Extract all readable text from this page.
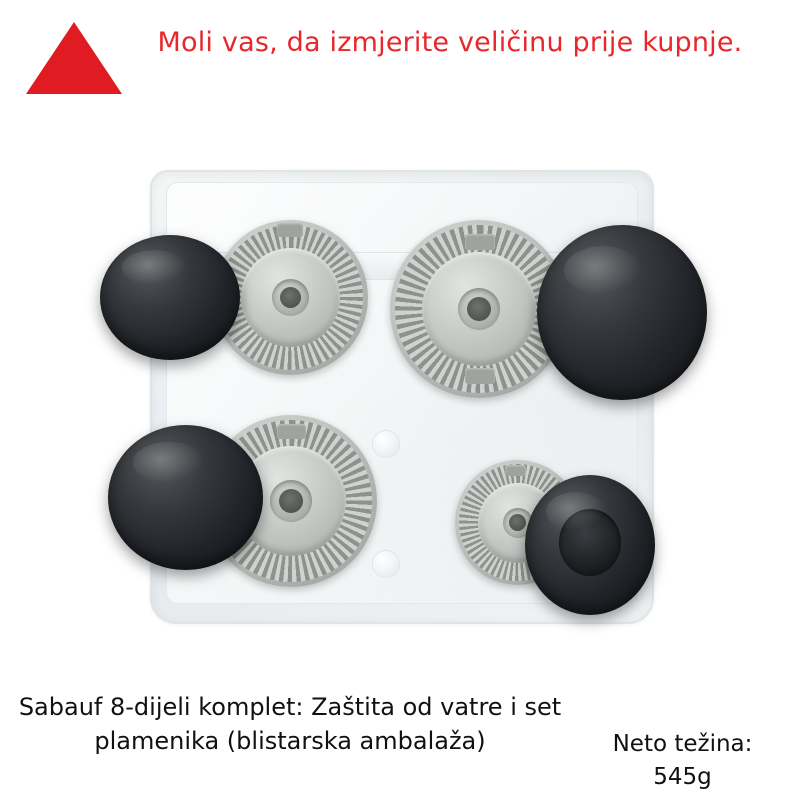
Moli vas, da izmjerite veličinu prije kupnje.
Sabauf 8-dijeli komplet: Zaštita od vatre i set plamenika (blistarska ambalaža)	Neto težina:
545g
